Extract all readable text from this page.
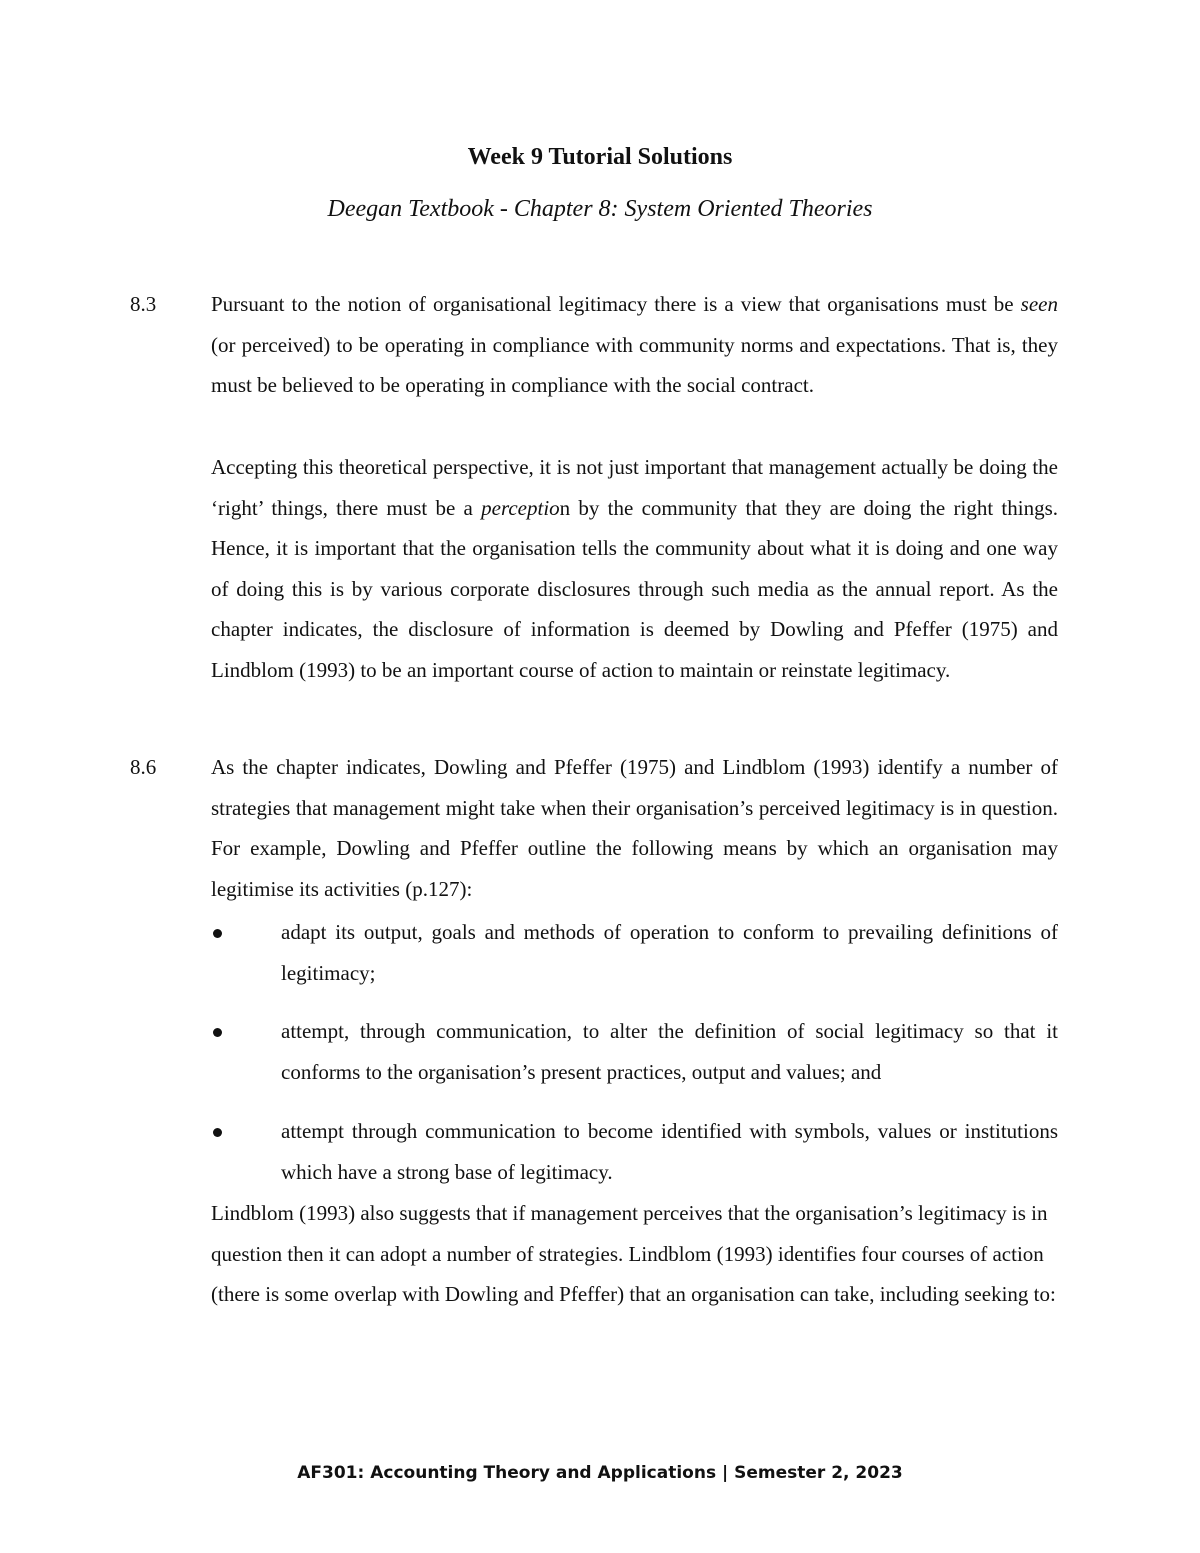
Week 9 Tutorial Solutions
Deegan Textbook - Chapter 8: System Oriented Theories
8.3	Pursuant to the notion of organisational legitimacy there is a view that organisations must be seen (or perceived) to be operating in compliance with community norms and expectations. That is, they must be believed to be operating in compliance with the social contract.

Accepting this theoretical perspective, it is not just important that management actually be doing the ‘right’ things, there must be a perception by the community that they are doing the right things. Hence, it is important that the organisation tells the community about what it is doing and one way of doing this is by various corporate disclosures through such media as the annual report. As the chapter indicates, the disclosure of information is deemed by Dowling and Pfeffer (1975) and Lindblom (1993) to be an important course of action to maintain or reinstate legitimacy.

8.6	As the chapter indicates, Dowling and Pfeffer (1975) and Lindblom (1993) identify a number of strategies that management might take when their organisation’s perceived legitimacy is in question. For example, Dowling and Pfeffer outline the following means by which an organisation may legitimise its activities (p.127):

adapt its output, goals and methods of operation to conform to prevailing definitions of legitimacy;

attempt, through communication, to alter the definition of social legitimacy so that it conforms to the organisation’s present practices, output and values; and

attempt through communication to become identified with symbols, values or institutions which have a strong base of legitimacy.

Lindblom (1993) also suggests that if management perceives that the organisation’s legitimacy is in question then it can adopt a number of strategies. Lindblom (1993) identifies four courses of action (there is some overlap with Dowling and Pfeffer) that an organisation can take, including seeking to:

AF301: Accounting Theory and Applications | Semester 2, 2023
